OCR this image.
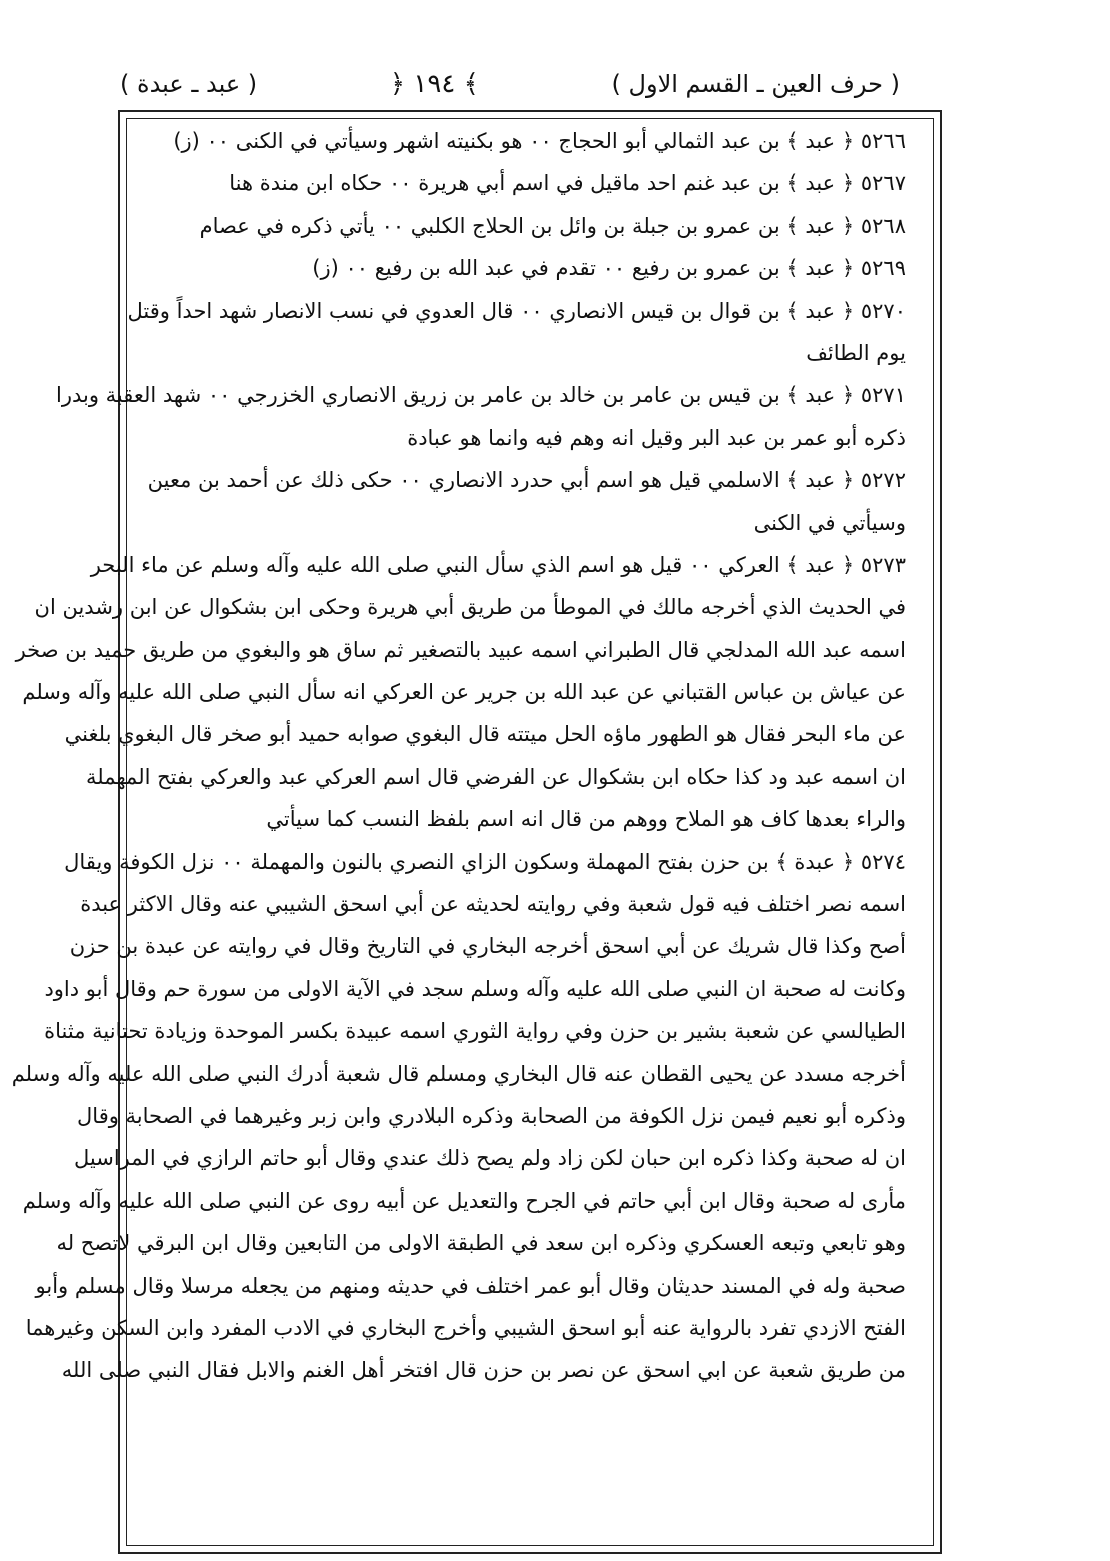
( حرف العين ـ القسم الاول )
﴾ ١٩٤ ﴿
( عبد ـ عبدة )
٥٢٦٦ ﴿ عبد ﴾ بن عبد الثمالي أبو الحجاج ٠٠ هو بكنيته اشهر وسيأتي في الكنى ٠٠ (ز)
٥٢٦٧ ﴿ عبد ﴾ بن عبد غنم احد ماقيل في اسم أبي هريرة ٠٠ حكاه ابن مندة هنا
٥٢٦٨ ﴿ عبد ﴾ بن عمرو بن جبلة بن وائل بن الحلاج الكلبي ٠٠ يأتي ذكره في عصام
٥٢٦٩ ﴿ عبد ﴾ بن عمرو بن رفيع ٠٠ تقدم في عبد الله بن رفيع ٠٠ (ز)
٥٢٧٠ ﴿ عبد ﴾ بن قوال بن قيس الانصاري ٠٠ قال العدوي في نسب الانصار شهد احداً وقتل
يوم الطائف
٥٢٧١ ﴿ عبد ﴾ بن قيس بن عامر بن خالد بن عامر بن زريق الانصاري الخزرجي ٠٠ شهد العقبة وبدرا
ذكره أبو عمر بن عبد البر وقيل انه وهم فيه وانما هو عبادة
٥٢٧٢ ﴿ عبد ﴾ الاسلمي قيل هو اسم أبي حدرد الانصاري ٠٠ حكى ذلك عن أحمد بن معين
وسيأتي في الكنى
٥٢٧٣ ﴿ عبد ﴾ العركي ٠٠ قيل هو اسم الذي سأل النبي صلى الله عليه وآله وسلم عن ماء البحر
في الحديث الذي أخرجه مالك في الموطأ من طريق أبي هريرة وحكى ابن بشكوال عن ابن رشدين ان
اسمه عبد الله المدلجي قال الطبراني اسمه عبيد بالتصغير ثم ساق هو والبغوي من طريق حميد بن صخر
عن عياش بن عباس القتباني عن عبد الله بن جرير عن العركي انه سأل النبي صلى الله عليه وآله وسلم
عن ماء البحر فقال هو الطهور ماؤه الحل ميتته قال البغوي صوابه حميد أبو صخر قال البغوي بلغني
ان اسمه عبد ود كذا حكاه ابن بشكوال عن الفرضي قال اسم العركي عبد والعركي بفتح المهملة
والراء بعدها كاف هو الملاح ووهم من قال انه اسم بلفظ النسب كما سيأتي
٥٢٧٤ ﴿ عبدة ﴾ بن حزن بفتح المهملة وسكون الزاي النصري بالنون والمهملة ٠٠ نزل الكوفة ويقال
اسمه نصر اختلف فيه قول شعبة وفي روايته لحديثه عن أبي اسحق الشيبي عنه وقال الاكثر عبدة
أصح وكذا قال شريك عن أبي اسحق أخرجه البخاري في التاريخ وقال في روايته عن عبدة بن حزن
وكانت له صحبة ان النبي صلى الله عليه وآله وسلم سجد في الآية الاولى من سورة حم وقال أبو داود
الطيالسي عن شعبة بشير بن حزن وفي رواية الثوري اسمه عبيدة بكسر الموحدة وزيادة تحتانية مثناة
أخرجه مسدد عن يحيى القطان عنه قال البخاري ومسلم قال شعبة أدرك النبي صلى الله عليه وآله وسلم
وذكره أبو نعيم فيمن نزل الكوفة من الصحابة وذكره البلادري وابن زبر وغيرهما في الصحابة وقال
ان له صحبة وكذا ذكره ابن حبان لكن زاد ولم يصح ذلك عندي وقال أبو حاتم الرازي في المراسيل
مأرى له صحبة وقال ابن أبي حاتم في الجرح والتعديل عن أبيه روى عن النبي صلى الله عليه وآله وسلم
وهو تابعي وتبعه العسكري وذكره ابن سعد في الطبقة الاولى من التابعين وقال ابن البرقي لاتصح له
صحبة وله في المسند حديثان وقال أبو عمر اختلف في حديثه ومنهم من يجعله مرسلا وقال مسلم وأبو
الفتح الازدي تفرد بالرواية عنه أبو اسحق الشيبي وأخرج البخاري في الادب المفرد وابن السكن وغيرهما
من طريق شعبة عن ابي اسحق عن نصر بن حزن قال افتخر أهل الغنم والابل فقال النبي صلى الله
